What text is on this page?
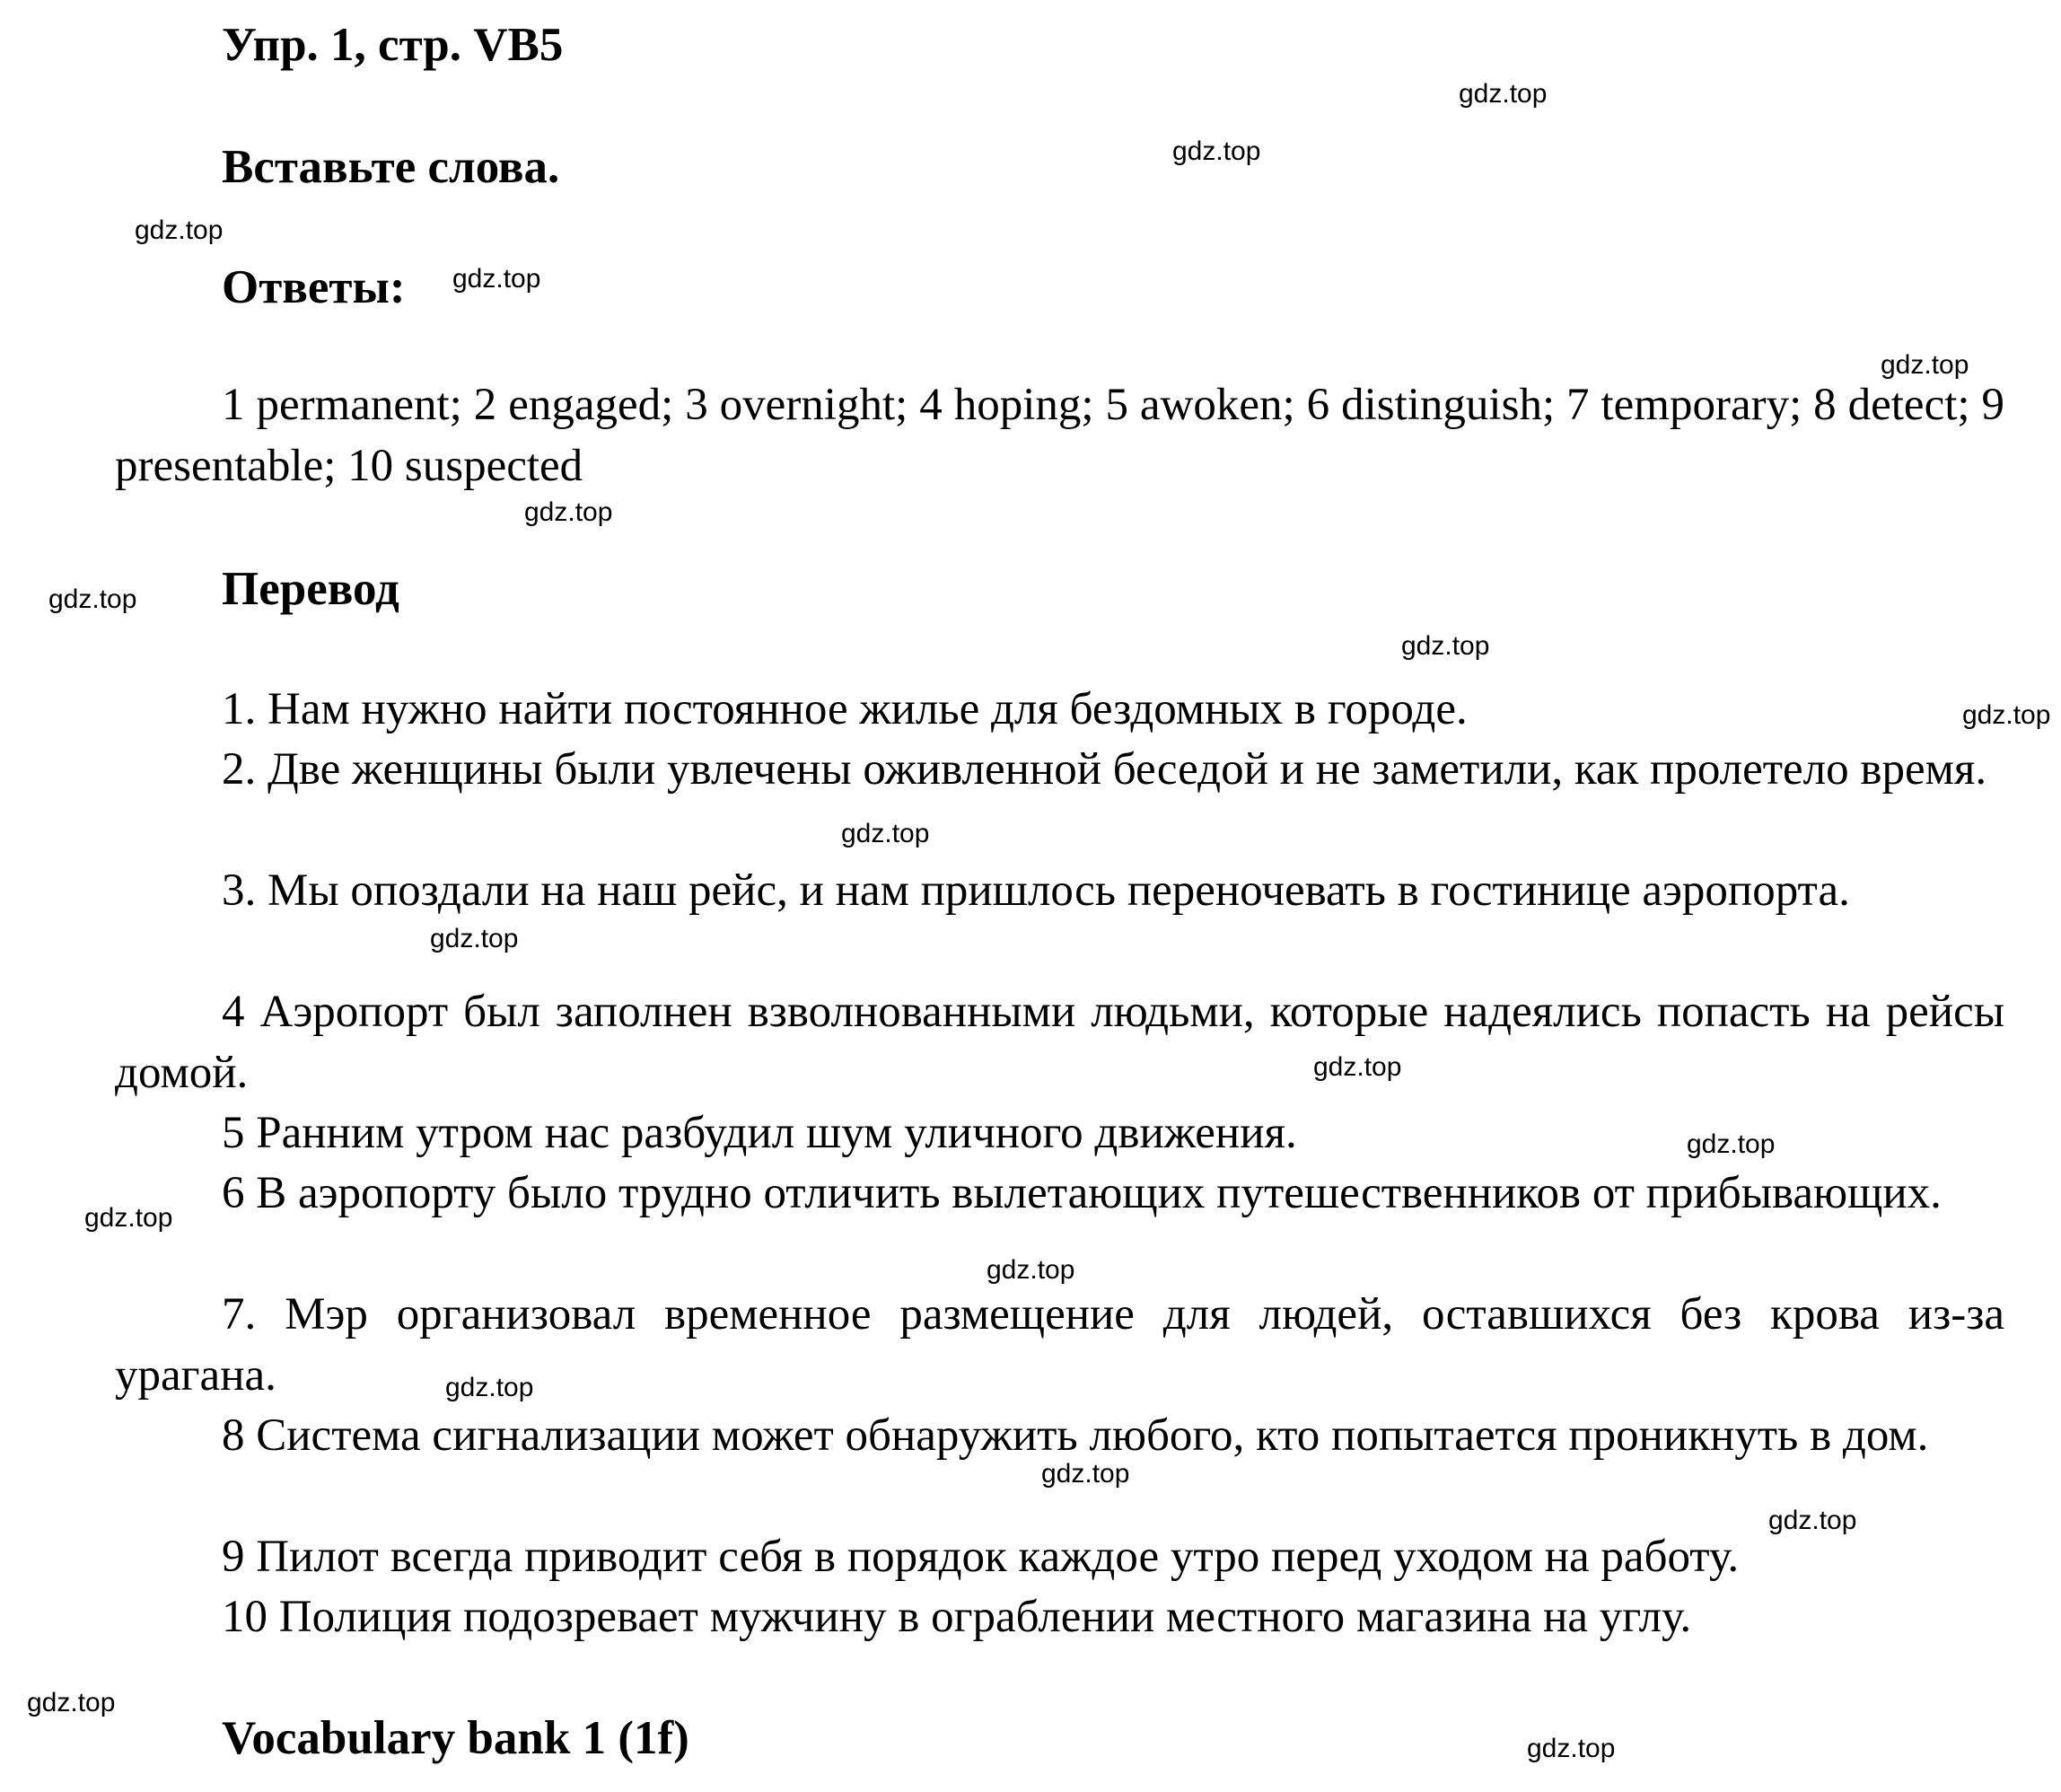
Упр. 1, стр. VB5
Вставьте слова.
Ответы:

1 permanent; 2 engaged; 3 overnight; 4 hoping; 5 awoken; 6 distinguish; 7 temporary; 8 detect; 9 presentable; 10 suspected

Перевод

1. Нам нужно найти постоянное жилье для бездомных в городе.

2. Две женщины были увлечены оживленной беседой и не заметили, как пролетело время.

3. Мы опоздали на наш рейс, и нам пришлось переночевать в гостинице аэропорта.

4 Аэропорт был заполнен взволнованными людьми, которые надеялись попасть на рейсы домой.

5 Ранним утром нас разбудил шум уличного движения.

6 В аэропорту было трудно отличить вылетающих путешественников от прибывающих.

7. Мэр организовал временное размещение для людей, оставшихся без крова из-за урагана.

8 Система сигнализации может обнаружить любого, кто попытается проникнуть в дом.

9 Пилот всегда приводит себя в порядок каждое утро перед уходом на работу.

10 Полиция подозревает мужчину в ограблении местного магазина на углу.

Vocabulary bank 1 (1f)
gdz.top
gdz.top
gdz.top
gdz.top
gdz.top
gdz.top
gdz.top
gdz.top
gdz.top
gdz.top
gdz.top
gdz.top
gdz.top
gdz.top
gdz.top
gdz.top
gdz.top
gdz.top
gdz.top
gdz.top
